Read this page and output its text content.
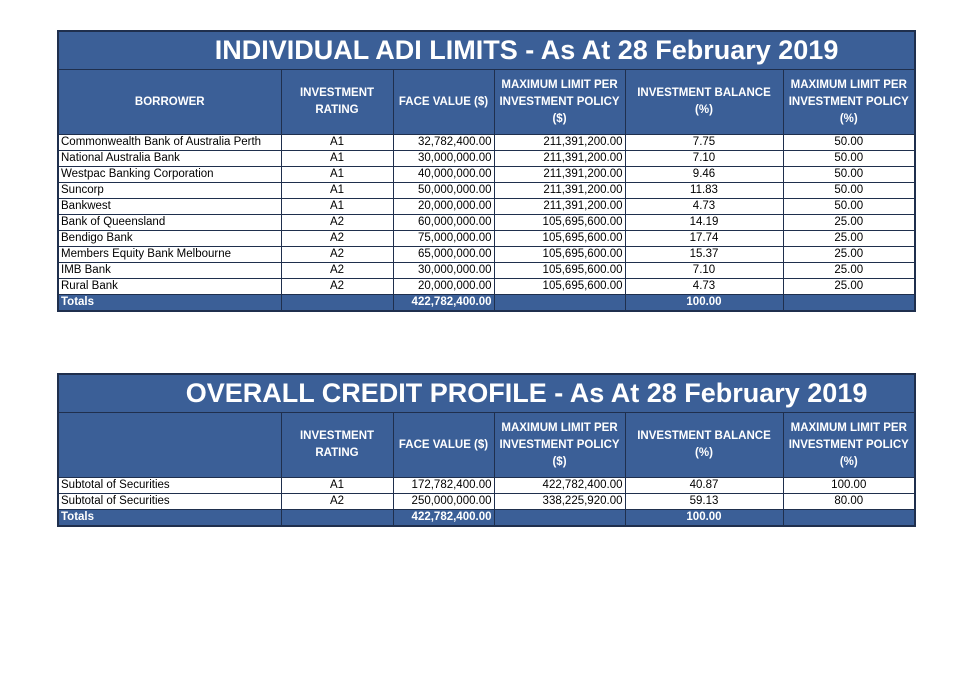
INDIVIDUAL ADI LIMITS - As At 28 February 2019					
BORROWER	INVESTMENT RATING	FACE VALUE ($)	MAXIMUM LIMIT PER INVESTMENT POLICY ($)	INVESTMENT BALANCE (%)	MAXIMUM LIMIT PER INVESTMENT POLICY (%)
Commonwealth Bank of Australia Perth	A1	32,782,400.00	211,391,200.00	7.75	50.00
National Australia Bank	A1	30,000,000.00	211,391,200.00	7.10	50.00
Westpac Banking Corporation	A1	40,000,000.00	211,391,200.00	9.46	50.00
Suncorp	A1	50,000,000.00	211,391,200.00	11.83	50.00
Bankwest	A1	20,000,000.00	211,391,200.00	4.73	50.00
Bank of Queensland	A2	60,000,000.00	105,695,600.00	14.19	25.00
Bendigo Bank	A2	75,000,000.00	105,695,600.00	17.74	25.00
Members Equity Bank Melbourne	A2	65,000,000.00	105,695,600.00	15.37	25.00
IMB Bank	A2	30,000,000.00	105,695,600.00	7.10	25.00
Rural Bank	A2	20,000,000.00	105,695,600.00	4.73	25.00
Totals		422,782,400.00		100.00	
OVERALL CREDIT PROFILE - As At 28 February 2019					
	INVESTMENT RATING	FACE VALUE ($)	MAXIMUM LIMIT PER INVESTMENT POLICY ($)	INVESTMENT BALANCE (%)	MAXIMUM LIMIT PER INVESTMENT POLICY (%)
Subtotal of Securities	A1	172,782,400.00	422,782,400.00	40.87	100.00
Subtotal of Securities	A2	250,000,000.00	338,225,920.00	59.13	80.00
Totals		422,782,400.00		100.00	
